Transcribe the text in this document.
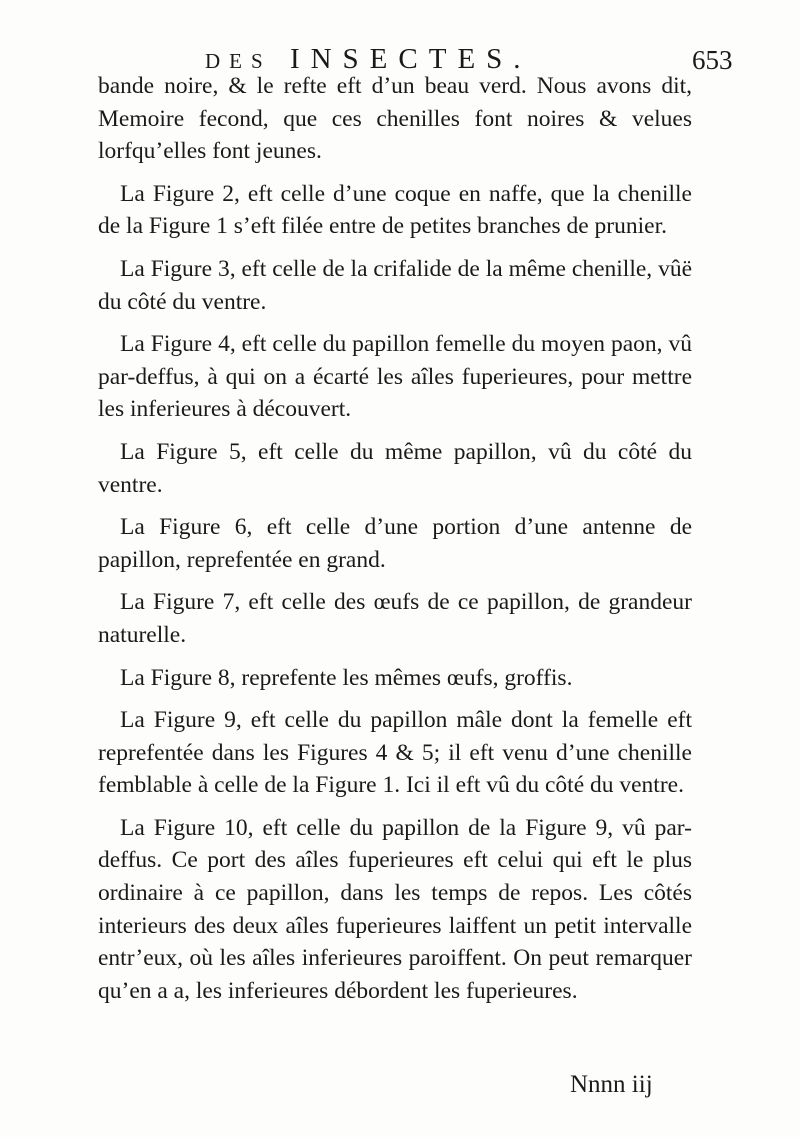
DES INSECTES.	653

bande noire, & le refte eft d’un beau verd. Nous avons dit, Memoire fecond, que ces chenilles font noires & velues lorfqu’elles font jeunes.

La Figure 2, eft celle d’une coque en naffe, que la chenille de la Figure 1 s’eft filée entre de petites branches de prunier.

La Figure 3, eft celle de la crifalide de la même chenille, vûë du côté du ventre.

La Figure 4, eft celle du papillon femelle du moyen paon, vû par-deffus, à qui on a écarté les aîles fuperieures, pour mettre les inferieures à découvert.

La Figure 5, eft celle du même papillon, vû du côté du ventre.

La Figure 6, eft celle d’une portion d’une antenne de papillon, reprefentée en grand.

La Figure 7, eft celle des œufs de ce papillon, de grandeur naturelle.

La Figure 8, reprefente les mêmes œufs, groffis.

La Figure 9, eft celle du papillon mâle dont la femelle eft reprefentée dans les Figures 4 & 5; il eft venu d’une chenille femblable à celle de la Figure 1. Ici il eft vû du côté du ventre.

La Figure 10, eft celle du papillon de la Figure 9, vû par-deffus. Ce port des aîles fuperieures eft celui qui eft le plus ordinaire à ce papillon, dans les temps de repos. Les côtés interieurs des deux aîles fuperieures laiffent un petit intervalle entr’eux, où les aîles inferieures paroiffent. On peut remarquer qu’en a a, les inferieures débordent les fuperieures.

Nnnn iij
